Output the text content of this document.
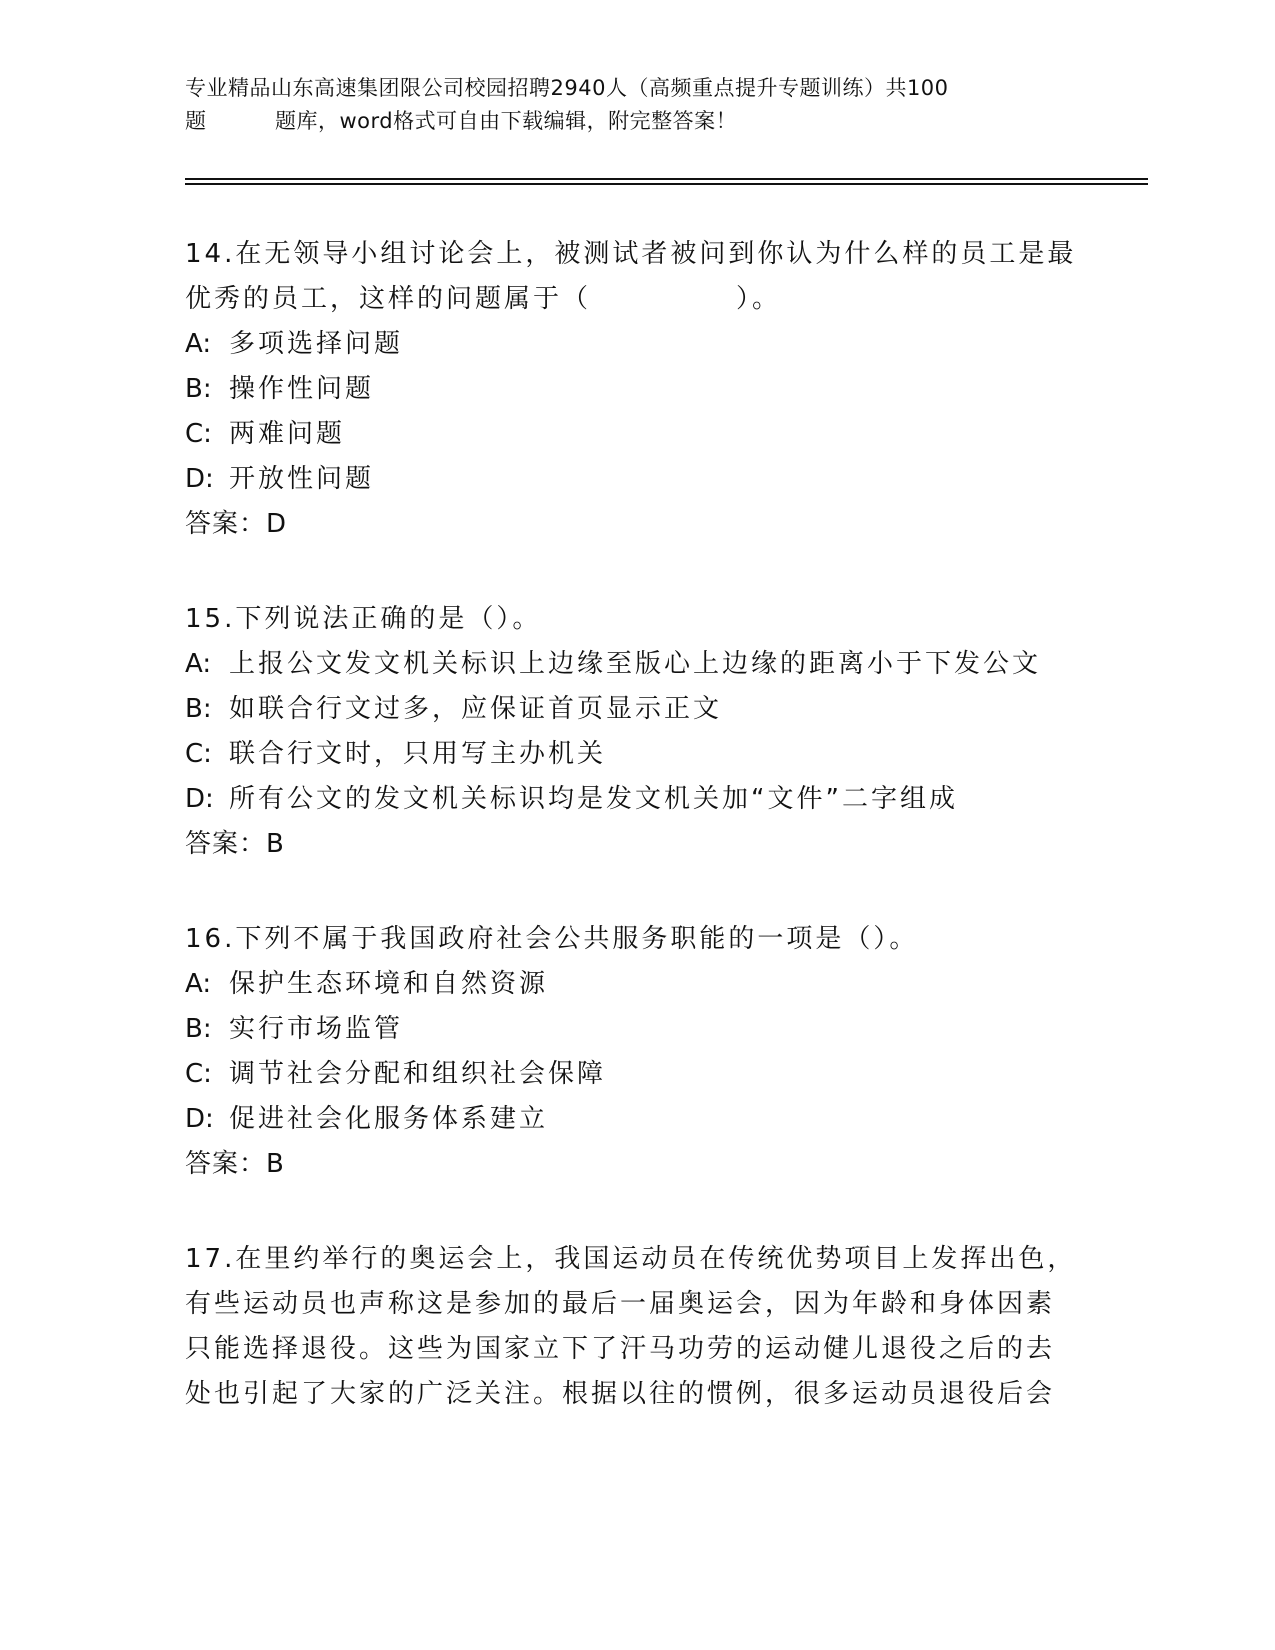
专业精品山东高速集团限公司校园招聘2940人（高频重点提升专题训练）共100
题	题库，word格式可自由下载编辑，附完整答案！
14.在无领导小组讨论会上，被测试者被问到你认为什么样的员工是最
优秀的员工，这样的问题属于（　　　　　）。
A: 多项选择问题
B: 操作性问题
C: 两难问题
D: 开放性问题
答案：D
15.下列说法正确的是（）。
A: 上报公文发文机关标识上边缘至版心上边缘的距离小于下发公文
B: 如联合行文过多，应保证首页显示正文
C: 联合行文时，只用写主办机关
D: 所有公文的发文机关标识均是发文机关加“文件”二字组成
答案：B
16.下列不属于我国政府社会公共服务职能的一项是（）。
A: 保护生态环境和自然资源
B: 实行市场监管
C: 调节社会分配和组织社会保障
D: 促进社会化服务体系建立
答案：B
17.在里约举行的奥运会上，我国运动员在传统优势项目上发挥出色，
有些运动员也声称这是参加的最后一届奥运会，因为年龄和身体因素
只能选择退役。这些为国家立下了汗马功劳的运动健儿退役之后的去
处也引起了大家的广泛关注。根据以往的惯例，很多运动员退役后会
